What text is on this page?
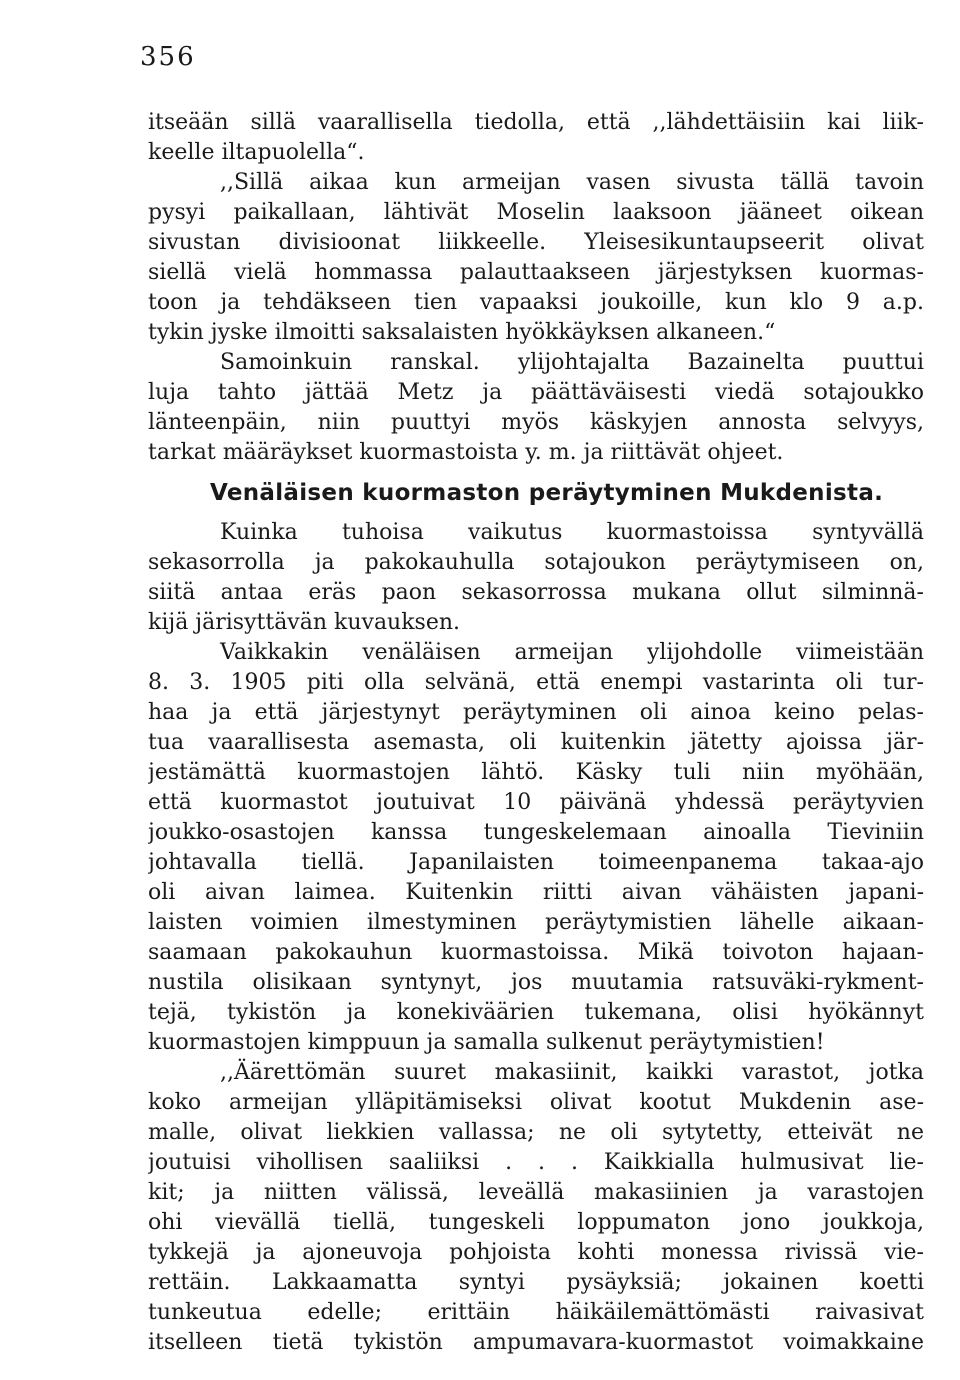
356
itseään sillä vaarallisella tiedolla, että ,,lähdettäisiin kai liik-
keelle iltapuolella“.
,,Sillä aikaa kun armeijan vasen sivusta tällä tavoin
pysyi paikallaan, lähtivät Moselin laaksoon jääneet oikean
sivustan divisioonat liikkeelle. Yleisesikuntaupseerit olivat
siellä vielä hommassa palauttaakseen järjestyksen kuormas-
toon ja tehdäkseen tien vapaaksi joukoille, kun klo 9 a.p.
tykin jyske ilmoitti saksalaisten hyökkäyksen alkaneen.“
Samoinkuin ranskal. ylijohtajalta Bazainelta puuttui
luja tahto jättää Metz ja päättäväisesti viedä sotajoukko
länteenpäin, niin puuttyi myös käskyjen annosta selvyys,
tarkat määräykset kuormastoista y. m. ja riittävät ohjeet.
Venäläisen kuormaston peräytyminen Mukdenista.
Kuinka tuhoisa vaikutus kuormastoissa syntyvällä
sekasorrolla ja pakokauhulla sotajoukon peräytymiseen on,
siitä antaa eräs paon sekasorrossa mukana ollut silminnä-
kijä järisyttävän kuvauksen.
Vaikkakin venäläisen armeijan ylijohdolle viimeistään
8. 3. 1905 piti olla selvänä, että enempi vastarinta oli tur-
haa ja että järjestynyt peräytyminen oli ainoa keino pelas-
tua vaarallisesta asemasta, oli kuitenkin jätetty ajoissa jär-
jestämättä kuormastojen lähtö. Käsky tuli niin myöhään,
että kuormastot joutuivat 10 päivänä yhdessä peräytyvien
joukko-osastojen kanssa tungeskelemaan ainoalla Tieviniin
johtavalla tiellä. Japanilaisten toimeenpanema takaa-ajo
oli aivan laimea. Kuitenkin riitti aivan vähäisten japani-
laisten voimien ilmestyminen peräytymistien lähelle aikaan-
saamaan pakokauhun kuormastoissa. Mikä toivoton hajaan-
nustila olisikaan syntynyt, jos muutamia ratsuväki-rykment-
tejä, tykistön ja konekiväärien tukemana, olisi hyökännyt
kuormastojen kimppuun ja samalla sulkenut peräytymistien!
,,Äärettömän suuret makasiinit, kaikki varastot, jotka
koko armeijan ylläpitämiseksi olivat kootut Mukdenin ase-
malle, olivat liekkien vallassa; ne oli sytytetty, etteivät ne
joutuisi vihollisen saaliiksi . . . Kaikkialla hulmusivat lie-
kit; ja niitten välissä, leveällä makasiinien ja varastojen
ohi vievällä tiellä, tungeskeli loppumaton jono joukkoja,
tykkejä ja ajoneuvoja pohjoista kohti monessa rivissä vie-
rettäin. Lakkaamatta syntyi pysäyksiä; jokainen koetti
tunkeutua edelle; erittäin häikäilemättömästi raivasivat
itselleen tietä tykistön ampumavara-kuormastot voimakkaine
